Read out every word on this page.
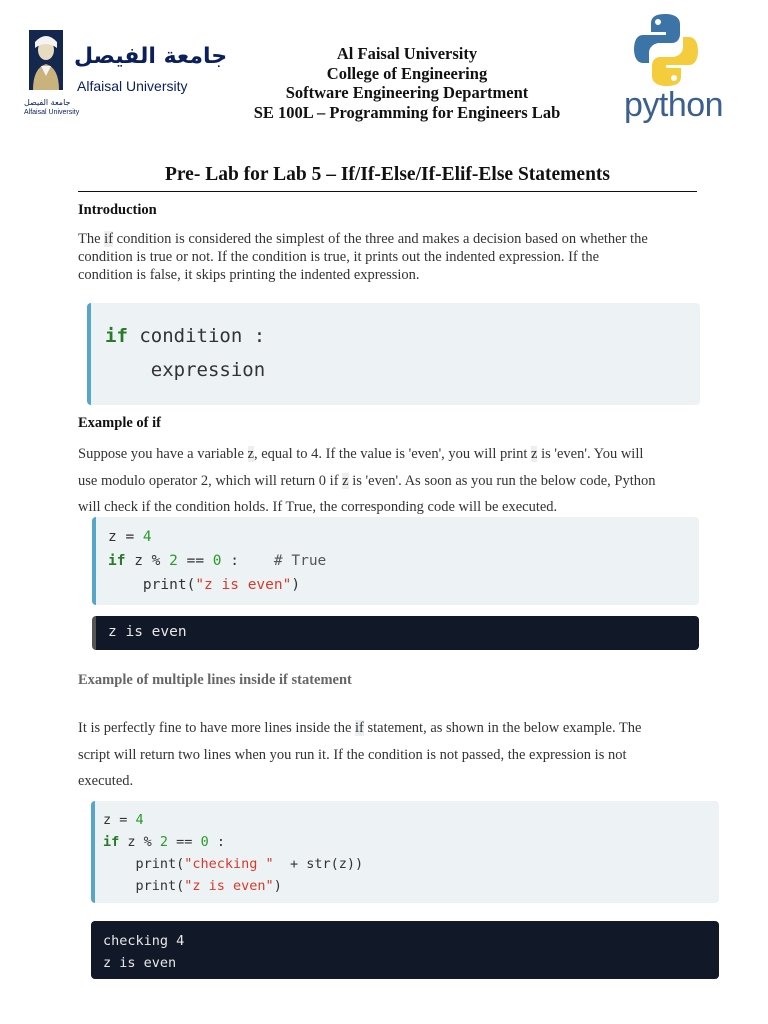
جامعة الفيصل
Alfaisal University
جامعة الفيصل
Alfaisal University
Al Faisal University
College of Engineering
Software Engineering Department
SE 100L – Programming for Engineers Lab	python
Pre- Lab for Lab 5 – If/If-Else/If-Elif-Else Statements
Introduction

The if condition is considered the simplest of the three and makes a decision based on whether the

condition is true or not. If the condition is true, it prints out the indented expression. If the

condition is false, it skips printing the indented expression.

if condition :
expression
Example of if

Suppose you have a variable z, equal to 4. If the value is 'even', you will print z is 'even'. You will

use modulo operator 2, which will return 0 if z is 'even'. As soon as you run the below code, Python

will check if the condition holds. If True, the corresponding code will be executed.

z = 4
if z % 2 == 0 :    # True
print("z is even")
z is even
Example of multiple lines inside if statement

It is perfectly fine to have more lines inside the if statement, as shown in the below example. The

script will return two lines when you run it. If the condition is not passed, the expression is not

executed.

z = 4
if z % 2 == 0 :
print("checking "  + str(z))
print("z is even")
checking 4
z is even
